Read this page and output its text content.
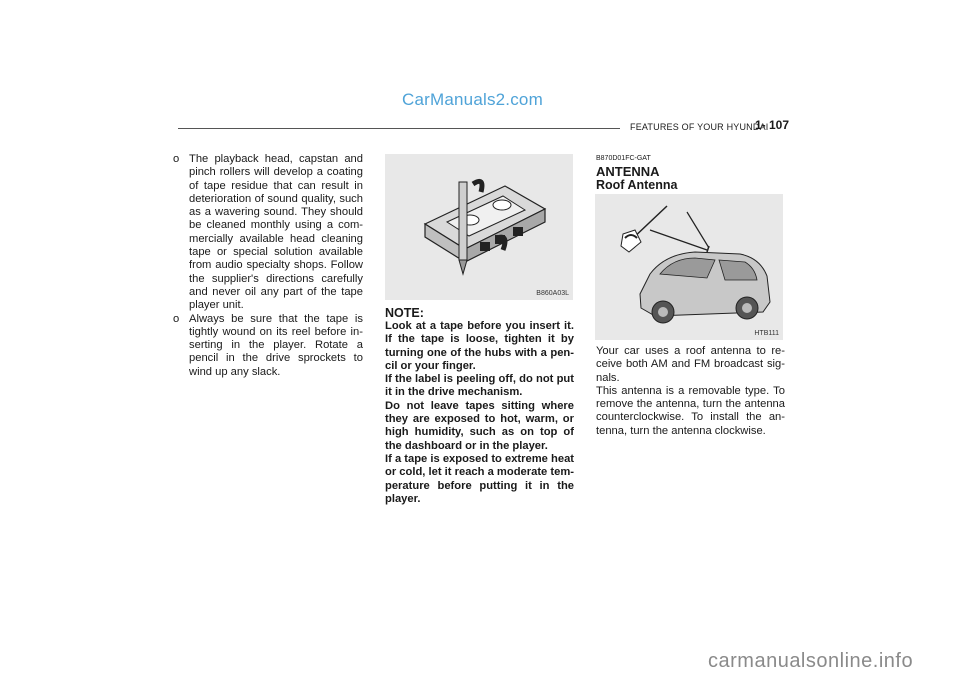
CarManuals2.com
FEATURES OF YOUR HYUNDAI
1- 107

o The playback head, capstan and pinch rollers will develop a coating of tape residue that can result in deterioration of sound quality, such as a wavering sound. They should be cleaned monthly using a com-mercially available head cleaning tape or special solution available from audio specialty shops. Follow the supplier's directions carefully and never oil any part of the tape player unit.

o Always be sure that the tape is tightly wound on its reel before in-serting in the player. Rotate a pencil in the drive sprockets to wind up any slack.

B860A03L
NOTE:

Look at a tape before you insert it. If the tape is loose, tighten it by turning one of the hubs with a pen-cil or your finger.

If the label is peeling off, do not put it in the drive mechanism.

Do not leave tapes sitting where they are exposed to hot, warm, or high humidity, such as on top of the dashboard or in the player.

If a tape is exposed to extreme heat or cold, let it reach a moderate tem-perature before putting it in the player.

B870D01FC-GAT
ANTENNA
Roof Antenna
HTB111

Your car uses a roof antenna to re-ceive both AM and FM broadcast sig-nals.

This antenna is a removable type. To remove the antenna, turn the antenna counterclockwise. To install the an-tenna, turn the antenna clockwise.

carmanualsonline.info
